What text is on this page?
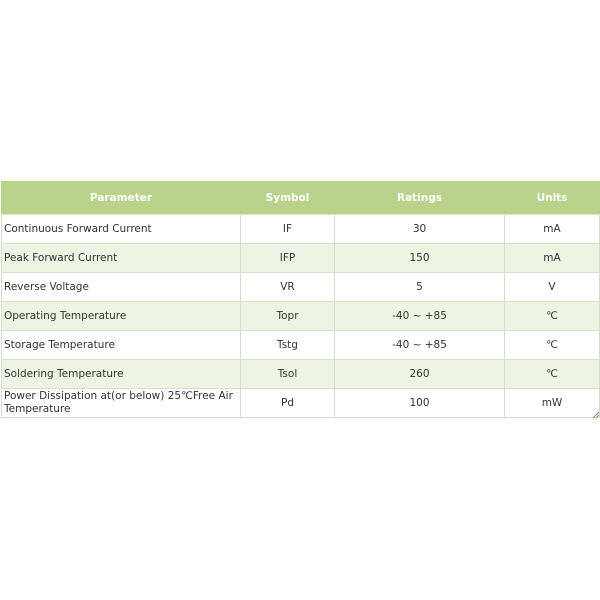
Parameter	Symbol	Ratings	Units
Continuous Forward Current	IF	30	mA
Peak Forward Current	IFP	150	mA
Reverse Voltage	VR	5	V
Operating Temperature	Topr	-40 ~ +85	℃
Storage Temperature	Tstg	-40 ~ +85	℃
Soldering Temperature	Tsol	260	℃
Power Dissipation at(or below) 25℃Free Air Temperature	Pd	100	mW
